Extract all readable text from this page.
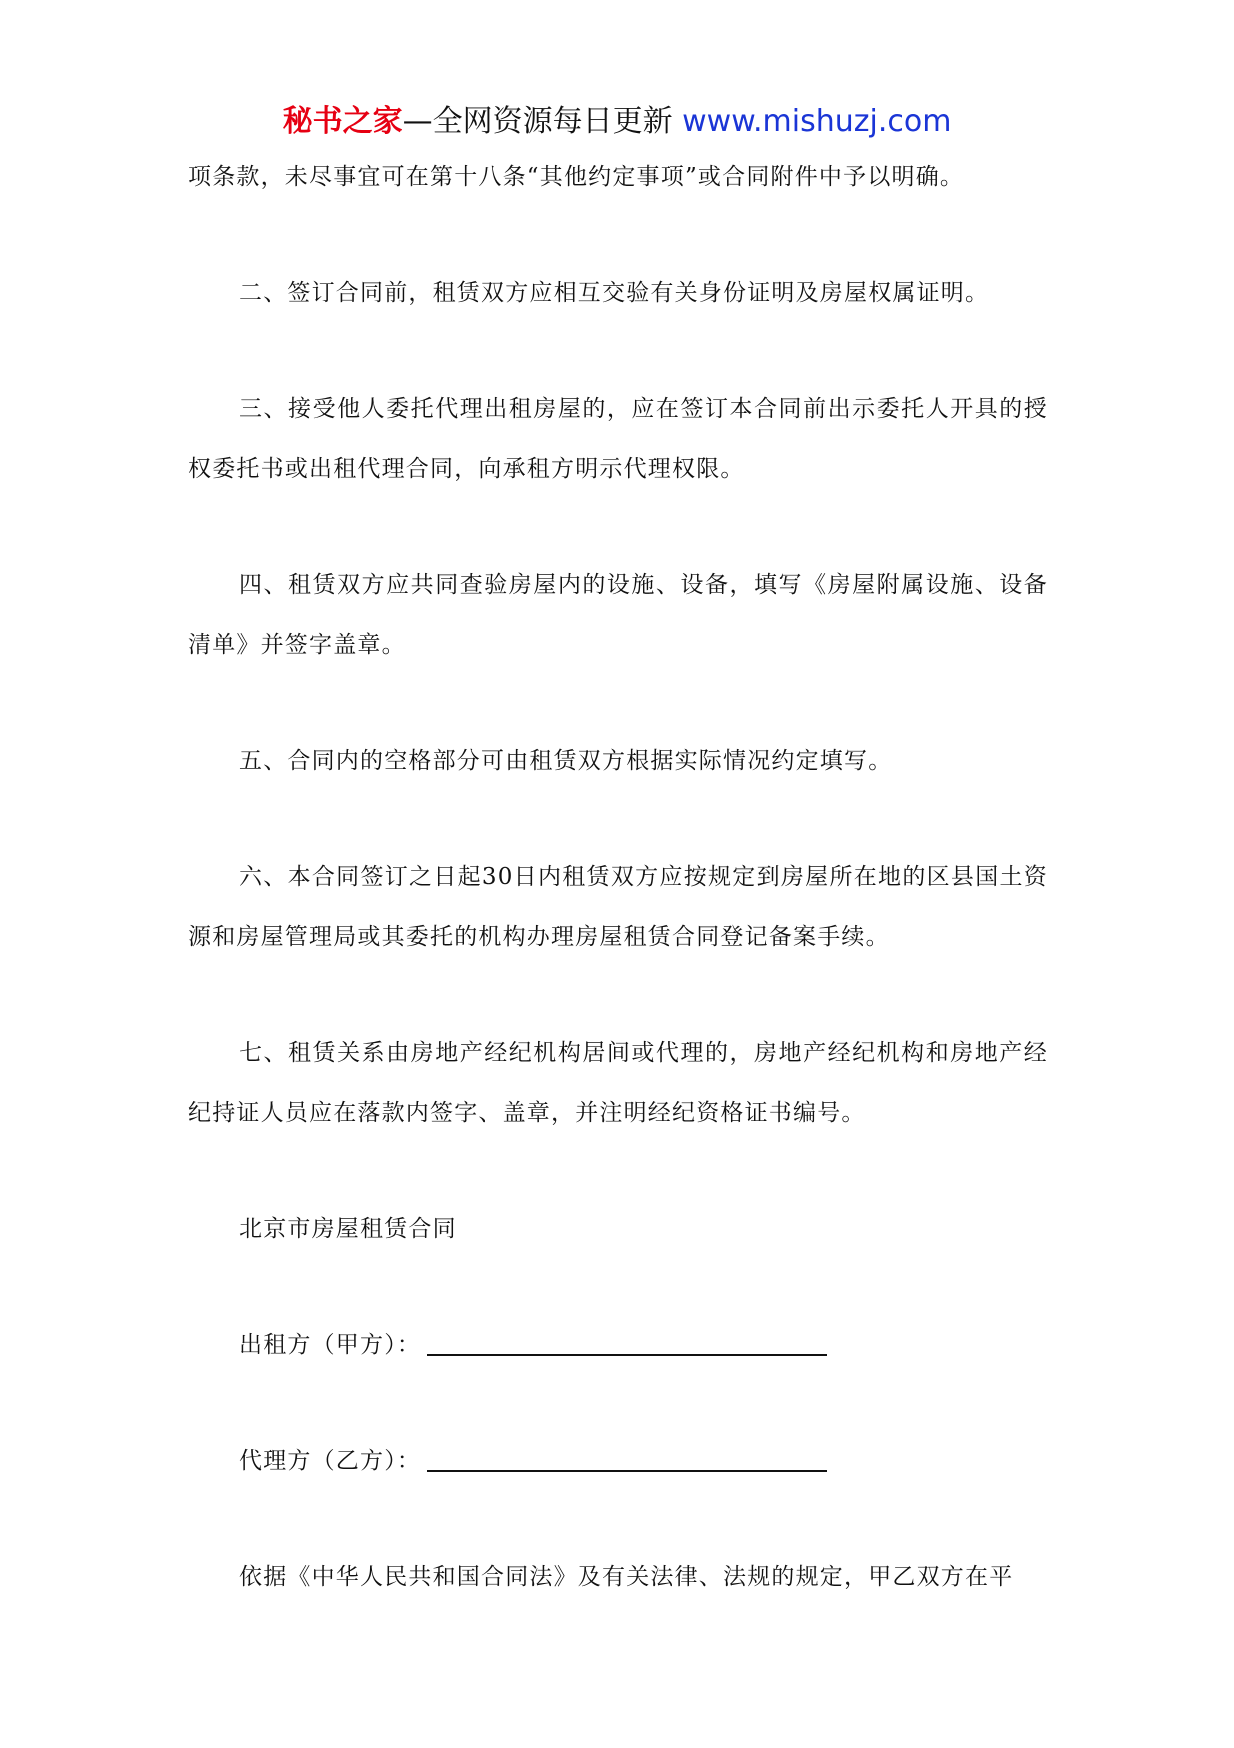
秘书之家—全网资源每日更新 www.mishuzj.com

项条款，未尽事宜可在第十八条“其他约定事项”或合同附件中予以明确。

二、签订合同前，租赁双方应相互交验有关身份证明及房屋权属证明。

三、接受他人委托代理出租房屋的，应在签订本合同前出示委托人开具的授权委托书或出租代理合同，向承租方明示代理权限。

四、租赁双方应共同查验房屋内的设施、设备，填写《房屋附属设施、设备清单》并签字盖章。

五、合同内的空格部分可由租赁双方根据实际情况约定填写。

六、本合同签订之日起30日内租赁双方应按规定到房屋所在地的区县国土资源和房屋管理局或其委托的机构办理房屋租赁合同登记备案手续。

七、租赁关系由房地产经纪机构居间或代理的，房地产经纪机构和房地产经纪持证人员应在落款内签字、盖章，并注明经纪资格证书编号。

北京市房屋租赁合同

出租方（甲方）：
代理方（乙方）：

依据《中华人民共和国合同法》及有关法律、法规的规定，甲乙双方在平
